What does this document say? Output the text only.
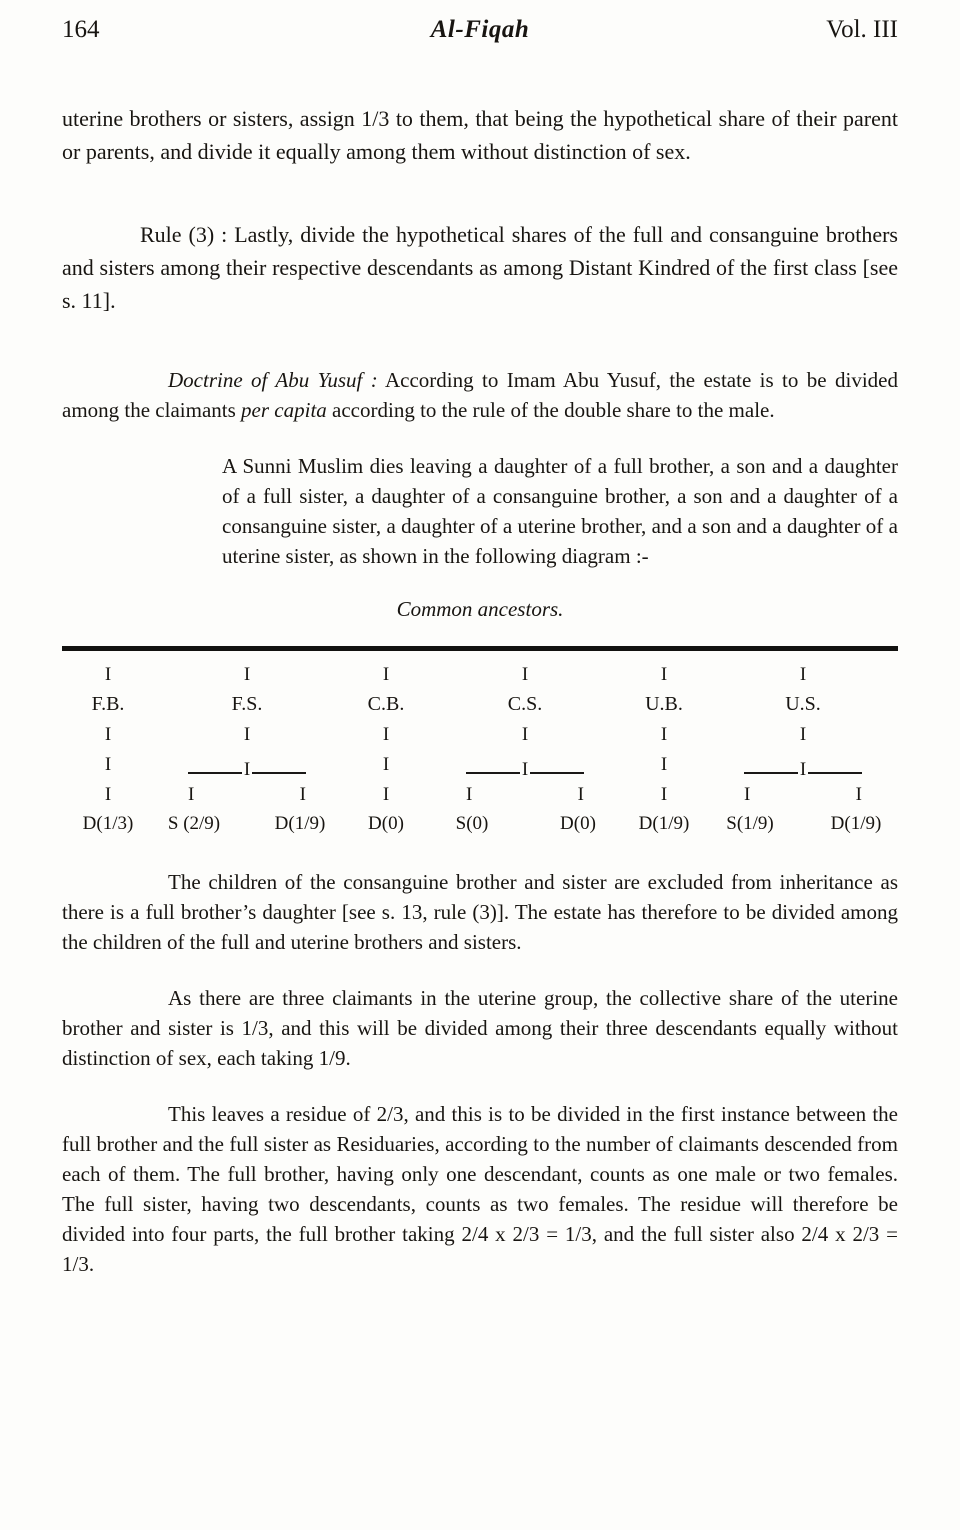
164	Al-Fiqah	Vol. III

uterine brothers or sisters, assign 1/3 to them, that being the hypothetical share of their parent or parents, and divide it equally among them without distinction of sex.

Rule (3) : Lastly, divide the hypothetical shares of the full and consanguine brothers and sisters among their respective descendants as among Distant Kindred of the first class [see s. 11].

Doctrine of Abu Yusuf : According to Imam Abu Yusuf, the estate is to be divided among the claimants per capita according to the rule of the double share to the male.

A Sunni Muslim dies leaving a daughter of a full brother, a son and a daughter of a full sister, a daughter of a consanguine brother, a son and a daughter of a consanguine sister, a daughter of a uterine brother, and a son and a daughter of a uterine sister, as shown in the following diagram :-

Common ancestors.

I
F.B.
I
I
I
D(1/3)
I
F.S.
I
I
I	I
S (2/9)	D(1/9)
I
C.B.
I
I
I
D(0)
I
C.S.
I
I
I	I
S(0)	D(0)
I
U.B.
I
I
I
D(1/9)
I
U.S.
I
I
I	I
S(1/9)	D(1/9)

The children of the consanguine brother and sister are excluded from inheritance as there is a full brother’s daughter [see s. 13, rule (3)]. The estate has therefore to be divided among the children of the full and uterine brothers and sisters.

As there are three claimants in the uterine group, the collective share of the uterine brother and sister is 1/3, and this will be divided among their three descendants equally without distinction of sex, each taking 1/9.

This leaves a residue of 2/3, and this is to be divided in the first instance between the full brother and the full sister as Residuaries, according to the number of claimants descended from each of them. The full brother, having only one descendant, counts as one male or two females. The full sister, having two descendants, counts as two females. The residue will therefore be divided into four parts, the full brother taking 2/4 x 2/3 = 1/3, and the full sister also 2/4 x 2/3 = 1/3.
